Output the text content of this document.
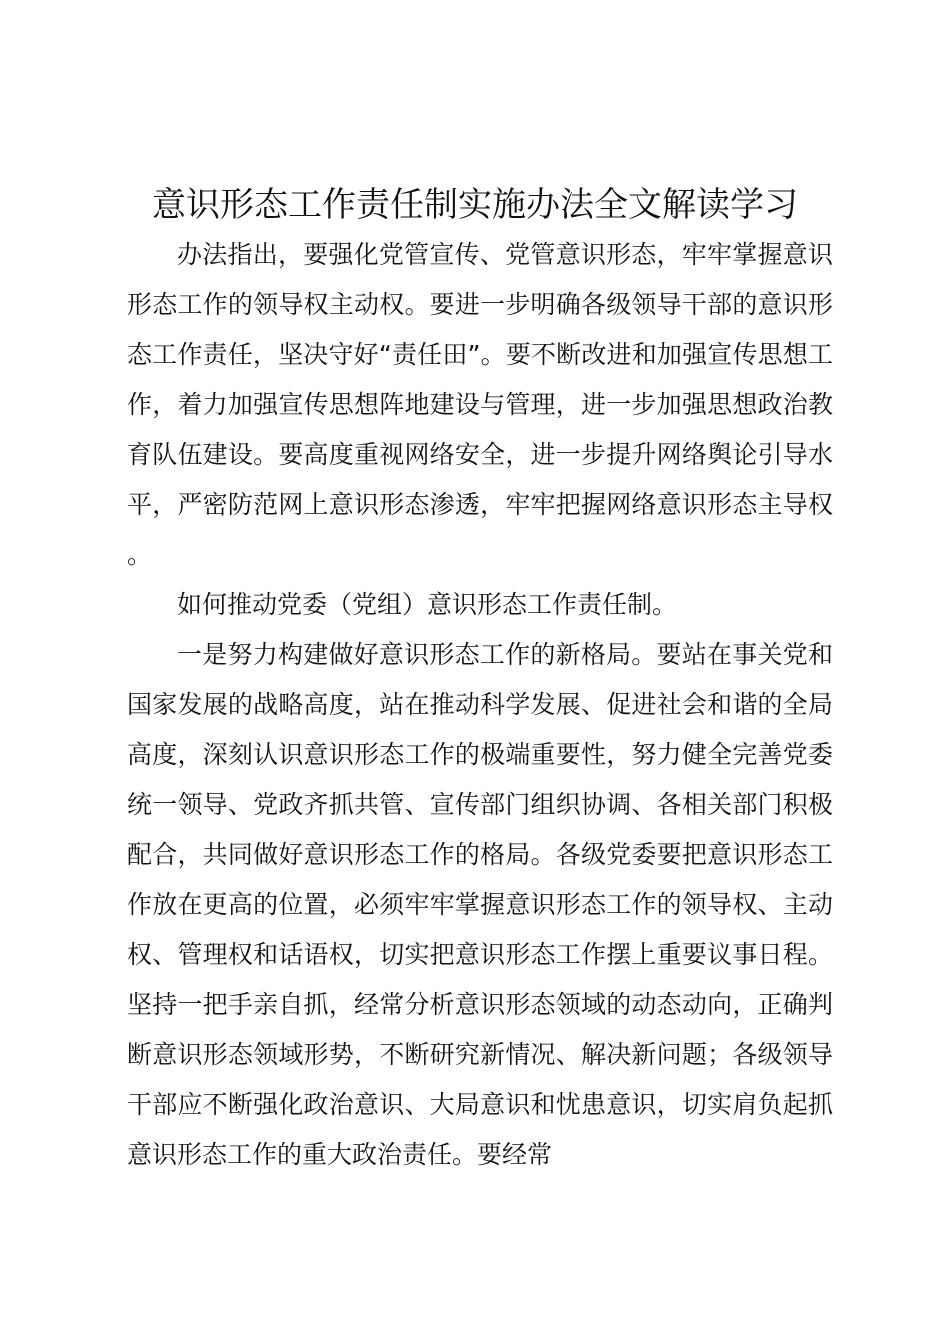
意识形态工作责任制实施办法全文解读学习

办法指出，要强化党管宣传、党管意识形态，牢牢掌握意识形态工作的领导权主动权。要进一步明确各级领导干部的意识形态工作责任，坚决守好“责任田”。要不断改进和加强宣传思想工作，着力加强宣传思想阵地建设与管理，进一步加强思想政治教育队伍建设。要高度重视网络安全，进一步提升网络舆论引导水平，严密防范网上意识形态渗透，牢牢把握网络意识形态主导权。

如何推动党委（党组）意识形态工作责任制。

一是努力构建做好意识形态工作的新格局。要站在事关党和国家发展的战略高度，站在推动科学发展、促进社会和谐的全局高度，深刻认识意识形态工作的极端重要性，努力健全完善党委统一领导、党政齐抓共管、宣传部门组织协调、各相关部门积极配合，共同做好意识形态工作的格局。各级党委要把意识形态工作放在更高的位置，必须牢牢掌握意识形态工作的领导权、主动权、管理权和话语权，切实把意识形态工作摆上重要议事日程。坚持一把手亲自抓，经常分析意识形态领域的动态动向，正确判断意识形态领域形势，不断研究新情况、解决新问题；各级领导干部应不断强化政治意识、大局意识和忧患意识，切实肩负起抓意识形态工作的重大政治责任。要经常
